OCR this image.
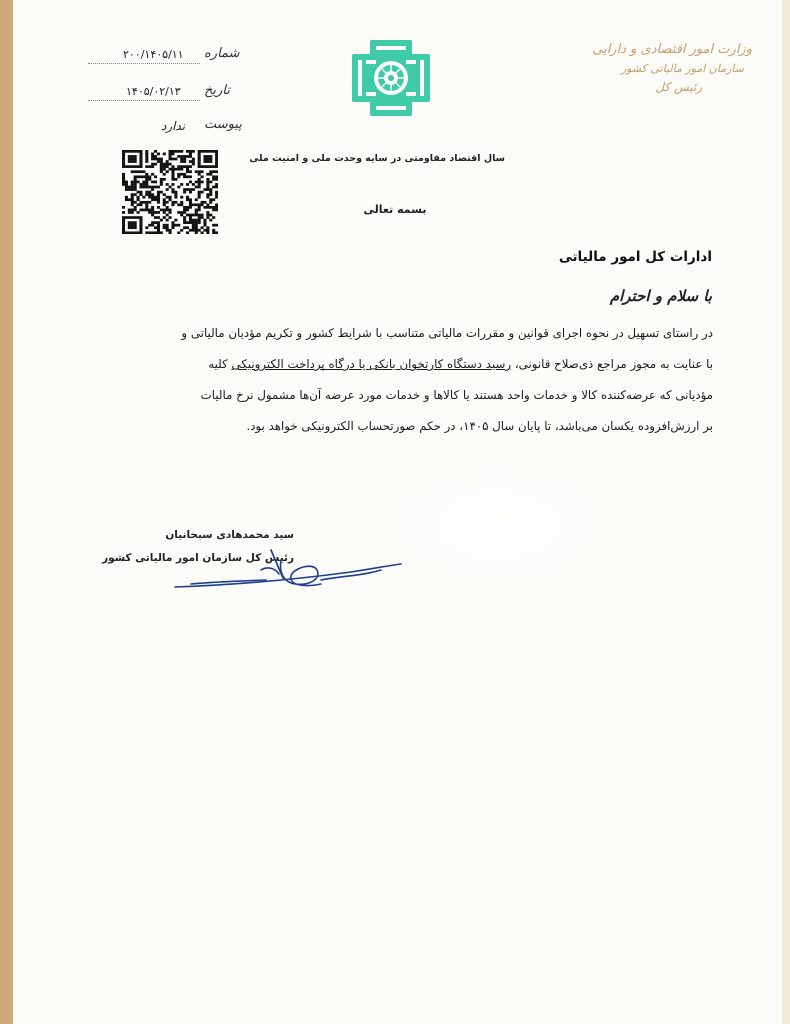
۲۰۰/۱۴۰۵/۱۱ شماره
۱۴۰۵/۰۲/۱۳ تاریخ
ندارد پیوست
وزارت امور اقتصادی و دارایی
سازمان امور مالیاتی کشور
رئیس کل
سال اقتصاد مقاومتی در سایه وحدت ملی و امنیت ملی
بسمه تعالی
ادارات کل امور مالیاتی
با سلام و احترام
در راستای تسهیل در نحوه اجرای قوانین و مقررات مالیاتی متناسب با شرایط کشور و تکریم مؤدیان مالیاتی و
با عنایت به مجوز مراجع ذی‌صلاح قانونی، رسید دستگاه کارتخوان بانکی یا درگاه پرداخت الکترونیکی کلیه
مؤدیانی که عرضه‌کننده کالا و خدمات واحد هستند یا کالاها و خدمات مورد عرضه آن‌ها مشمول نرخ مالیات
بر ارزش‌افزوده یکسان می‌باشد، تا پایان سال ۱۴۰۵، در حکم صورتحساب الکترونیکی خواهد بود.
سید محمدهادی سبحانیان
رئیس کل سازمان امور مالیاتی کشور
